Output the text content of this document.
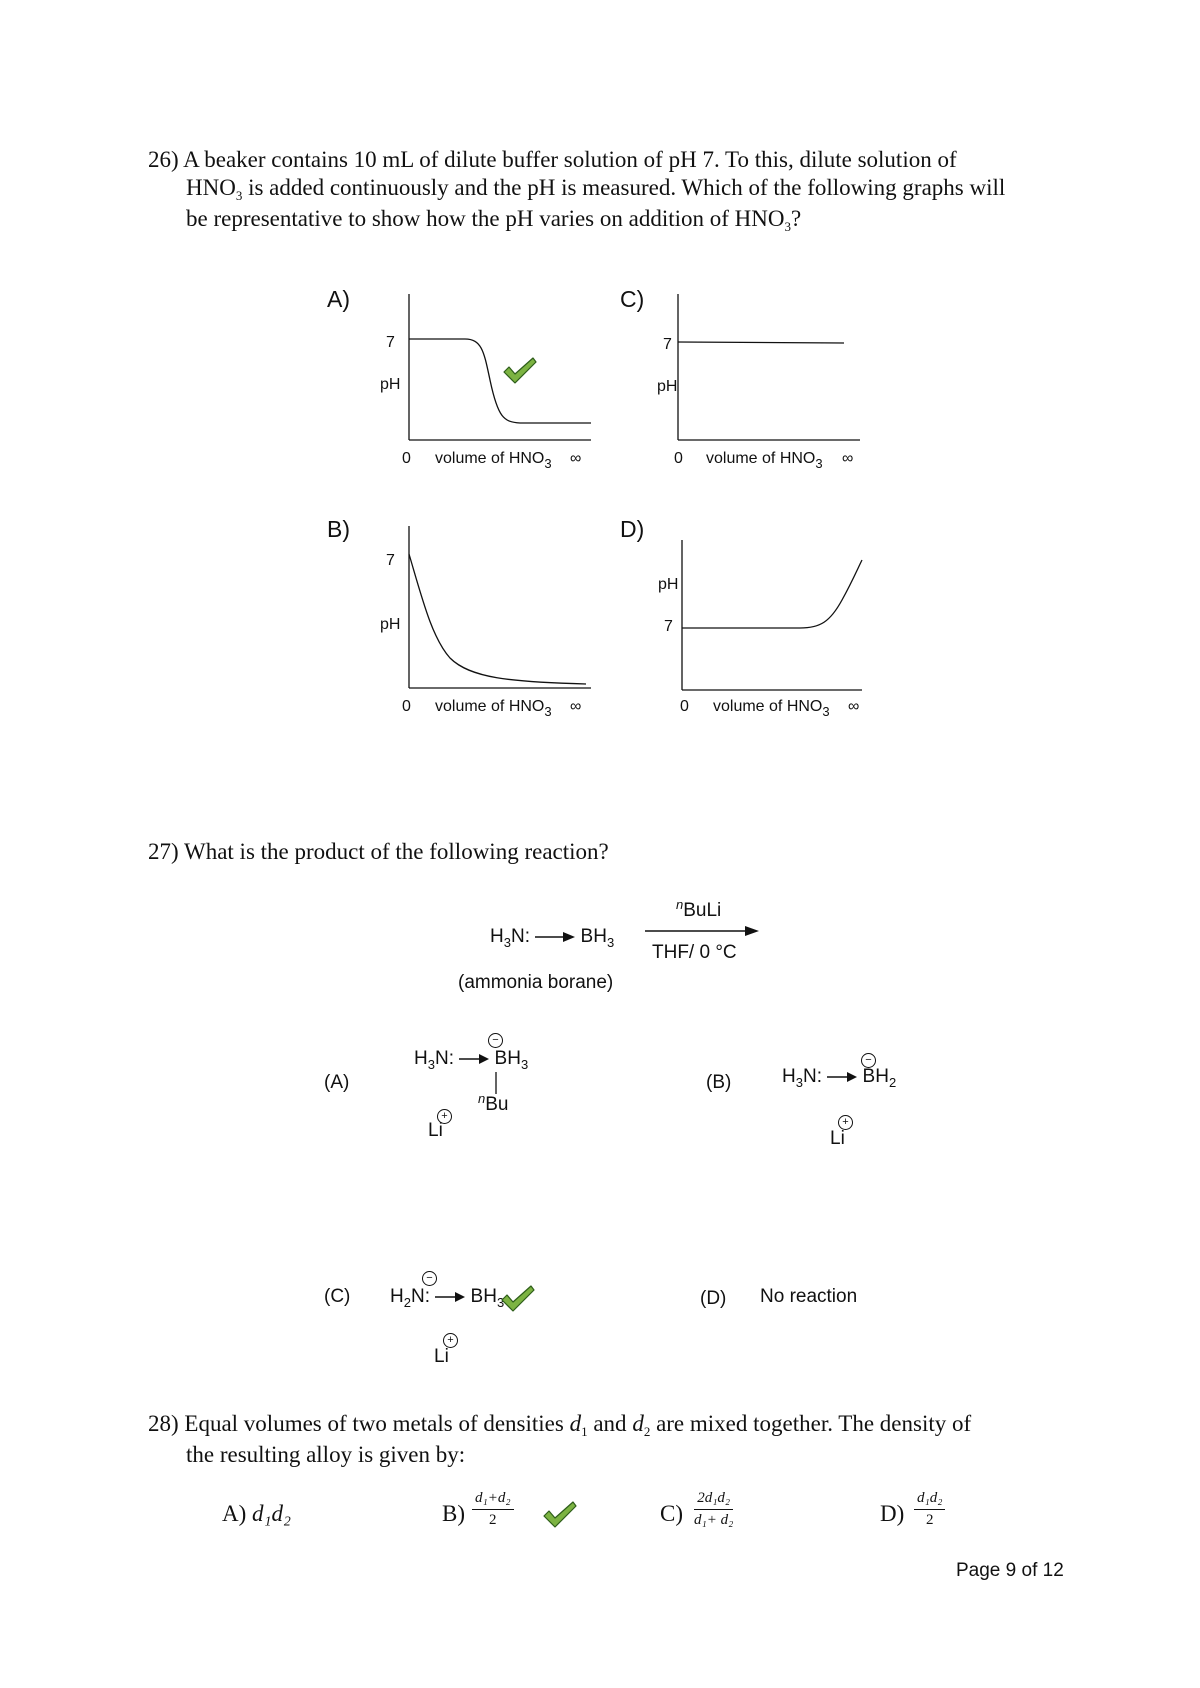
26) A beaker contains 10 mL of dilute buffer solution of pH 7. To this, dilute solution of
$HNO_3$ is added continuously and the pH is measured. Which of the following graphs will
be representative to show how the pH varies on addition of $HNO_3$?
A)
7
pH
0 volume of $HNO_3$ ∞
C)
7
pH
0 volume of $HNO_3$ ∞
B)
7
pH
0 volume of $HNO_3$ ∞
D)
pH
7
0 volume of $HNO_3$ ∞
27) What is the product of the following reaction?
$H_3N$:	$BH_3$
(ammonia borane)
$^n$BuLi
THF/ 0 °C
(A)
−
$H_3N$: $BH_3$
$^n$Bu
+
Li
(B)
−
$H_3N$: $BH_2$
+
Li
(C)
−
$H_2N$: $BH_3$
+
Li
(D) No reaction
28) Equal volumes of two metals of densities $d_1$ and $d_2$ are mixed together. The density of
the resulting alloy is given by:
A) d₁d₂	$B) \frac{\text{d₁+d₂}}{2}$	$C) \frac{\text{2d₁d₂}}{\text{d₁+ d₂}}$	$D) \frac{\text{d₁d₂}}{2}$
Page 9 of 12
